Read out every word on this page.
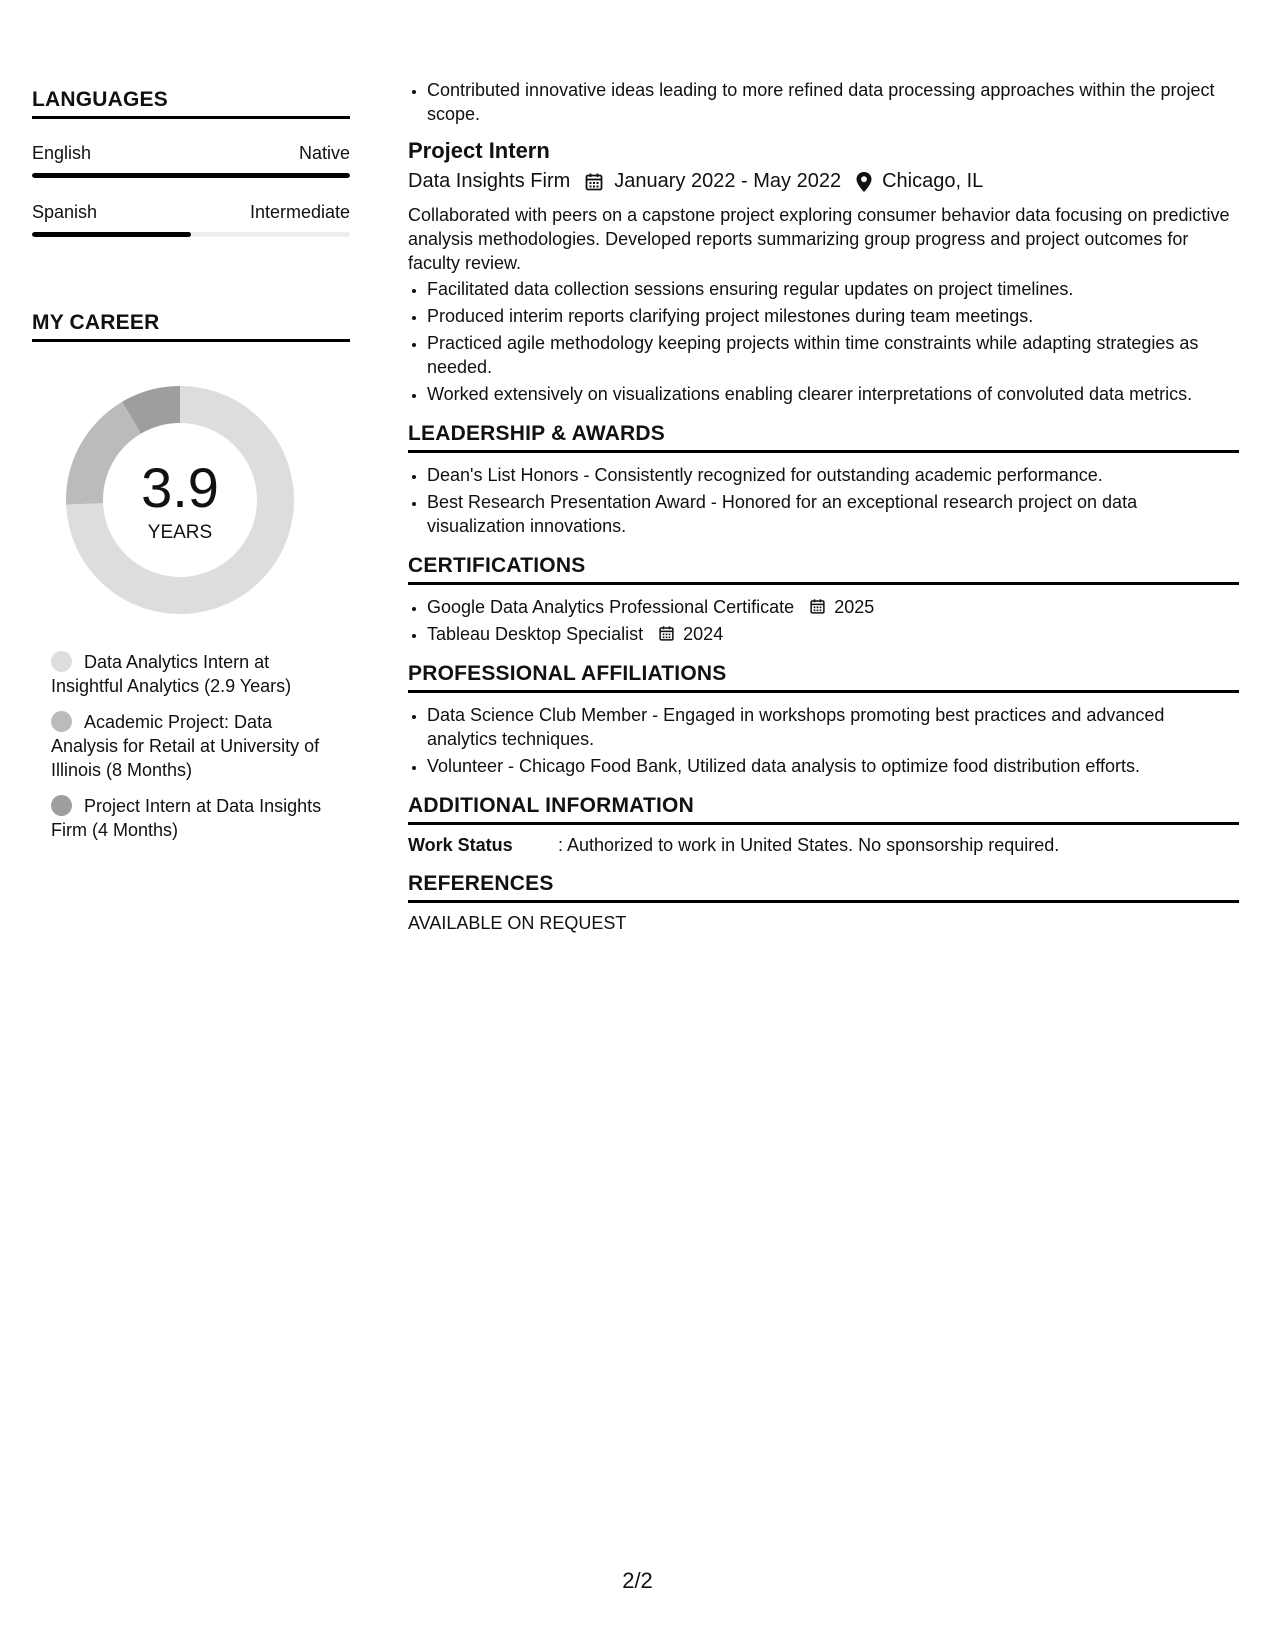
LANGUAGES
English	Native
Spanish	Intermediate
MY CAREER
3.9
YEARS
Data Analytics Intern at Insightful Analytics (2.9 Years)
Academic Project: Data Analysis for Retail at University of Illinois (8 Months)
Project Intern at Data Insights Firm (4 Months)
• Contributed innovative ideas leading to more refined data processing approaches within the project scope.
Project Intern
Data Insights Firm January 2022 - May 2022 Chicago, IL
Collaborated with peers on a capstone project exploring consumer behavior data focusing on predictive analysis methodologies. Developed reports summarizing group progress and project outcomes for faculty review.
• Facilitated data collection sessions ensuring regular updates on project timelines.
• Produced interim reports clarifying project milestones during team meetings.
• Practiced agile methodology keeping projects within time constraints while adapting strategies as needed.
• Worked extensively on visualizations enabling clearer interpretations of convoluted data metrics.
LEADERSHIP & AWARDS
• Dean's List Honors - Consistently recognized for outstanding academic performance.
• Best Research Presentation Award - Honored for an exceptional research project on data visualization innovations.
CERTIFICATIONS
• Google Data Analytics Professional Certificate 2025
• Tableau Desktop Specialist 2024
PROFESSIONAL AFFILIATIONS
• Data Science Club Member - Engaged in workshops promoting best practices and advanced analytics techniques.
• Volunteer - Chicago Food Bank, Utilized data analysis to optimize food distribution efforts.
ADDITIONAL INFORMATION
Work Status	: Authorized to work in United States. No sponsorship required.
REFERENCES
AVAILABLE ON REQUEST
2/2
